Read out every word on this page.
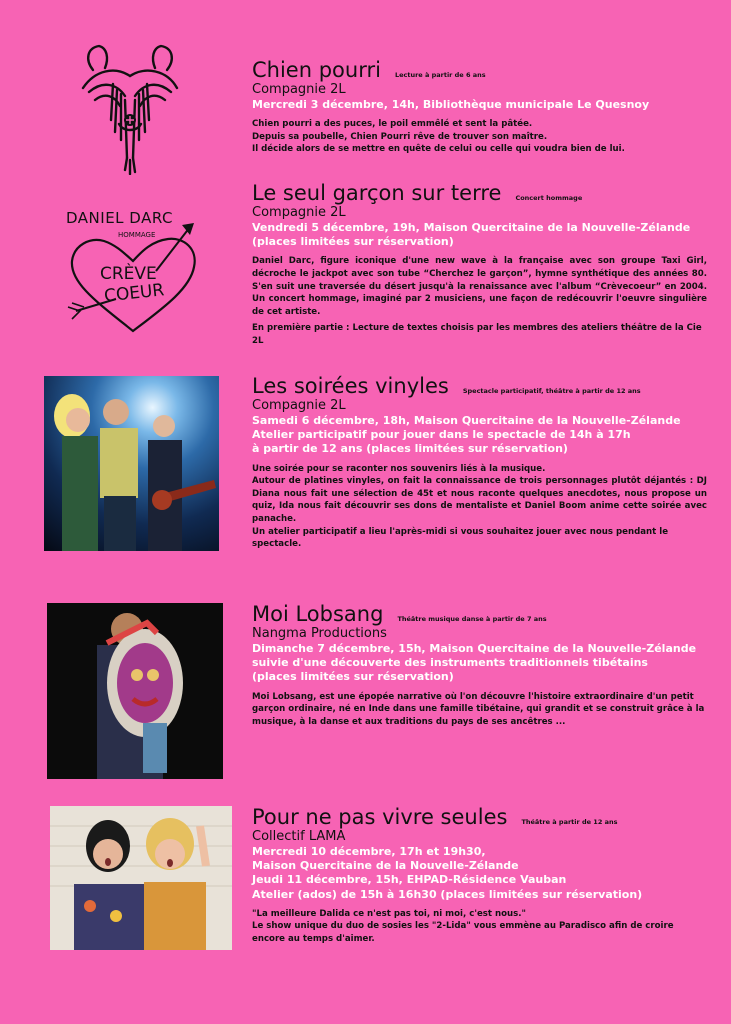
DANIEL DARC
HOMMAGE
CRÈVE
COEUR
Chien pourri Lecture à partir de 6 ans
Compagnie 2L
Mercredi 3 décembre, 14h, Bibliothèque municipale Le Quesnoy

Chien pourri a des puces, le poil emmêlé et sent la pâtée.

Depuis sa poubelle, Chien Pourri rêve de trouver son maître.

Il décide alors de se mettre en quête de celui ou celle qui voudra bien de lui.

Le seul garçon sur terre Concert hommage
Compagnie 2L
Vendredi 5 décembre, 19h, Maison Quercitaine de la Nouvelle-Zélande
(places limitées sur réservation)

Daniel Darc, figure iconique d'une new wave à la française avec son groupe Taxi Girl, décroche le jackpot avec son tube “Cherchez le garçon”, hymne synthétique des années 80. S'en suit une traversée du désert jusqu'à la renaissance avec l'album “Crèvecoeur” en 2004. Un concert hommage, imaginé par 2 musiciens, une façon de redécouvrir l'oeuvre singulière de cet artiste.

En première partie : Lecture de textes choisis par les membres des ateliers théâtre de la Cie 2L

Les soirées vinyles Spectacle participatif, théâtre à partir de 12 ans
Compagnie 2L
Samedi 6 décembre, 18h, Maison Quercitaine de la Nouvelle-Zélande
Atelier participatif pour jouer dans le spectacle de 14h à 17h
à partir de 12 ans (places limitées sur réservation)

Une soirée pour se raconter nos souvenirs liés à la musique.

Autour de platines vinyles, on fait la connaissance de trois personnages plutôt déjantés : DJ Diana nous fait une sélection de 45t et nous raconte quelques anecdotes, nous propose un quiz, Ida nous fait découvrir ses dons de mentaliste et Daniel Boom anime cette soirée avec panache.

Un atelier participatif a lieu l'après-midi si vous souhaitez jouer avec nous pendant le spectacle.

Moi Lobsang Théâtre musique danse à partir de 7 ans
Nangma Productions
Dimanche 7 décembre, 15h, Maison Quercitaine de la Nouvelle-Zélande
suivie d'une découverte des instruments traditionnels tibétains
(places limitées sur réservation)

Moi Lobsang, est une épopée narrative où l'on découvre l'histoire extraordinaire d'un petit garçon ordinaire, né en Inde dans une famille tibétaine, qui grandit et se construit grâce à la musique, à la danse et aux traditions du pays de ses ancêtres ...

Pour ne pas vivre seules Théâtre à partir de 12 ans
Collectif LAMA
Mercredi 10 décembre, 17h et 19h30,
Maison Quercitaine de la Nouvelle-Zélande
Jeudi 11 décembre, 15h, EHPAD-Résidence Vauban
Atelier (ados) de 15h à 16h30 (places limitées sur réservation)

"La meilleure Dalida ce n'est pas toi, ni moi, c'est nous."

Le show unique du duo de sosies les "2-Lida" vous emmène au Paradisco afin de croire encore au temps d'aimer.
